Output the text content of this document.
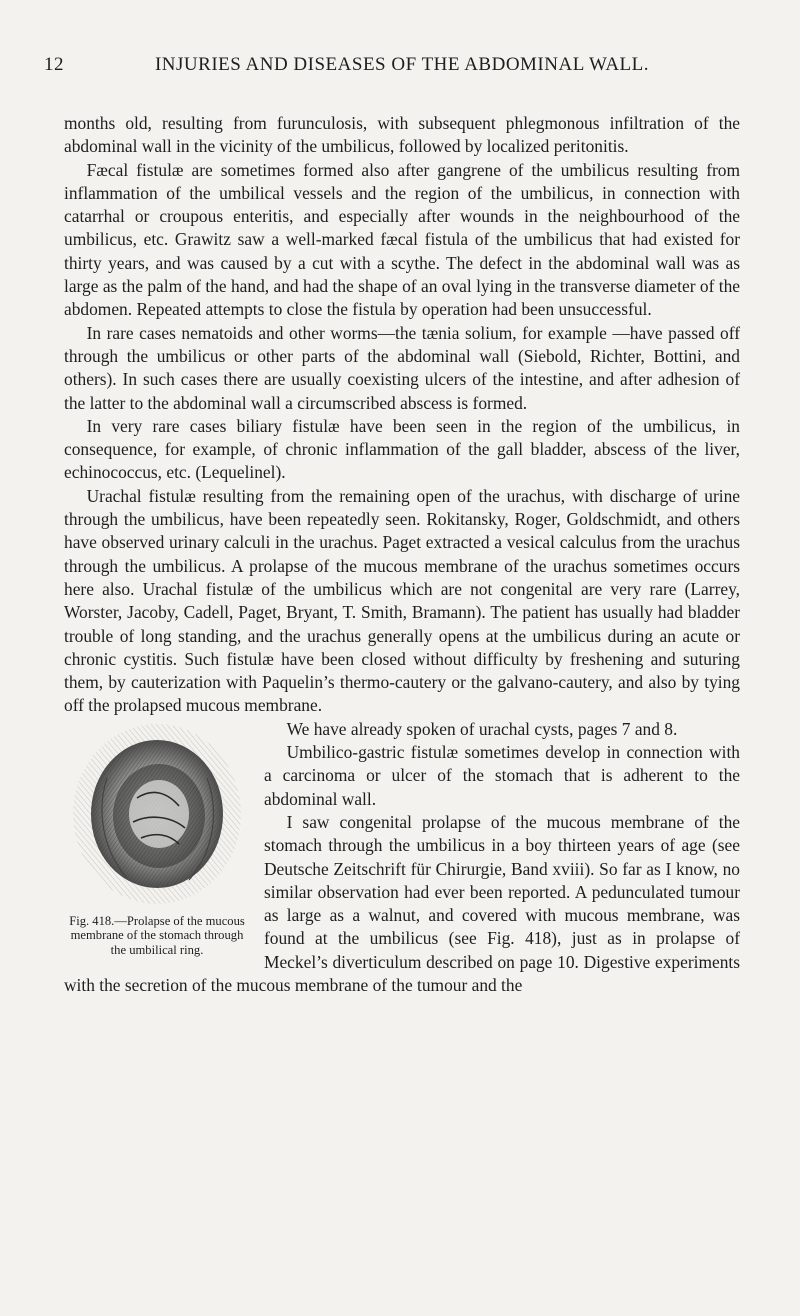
12	INJURIES AND DISEASES OF THE ABDOMINAL WALL.

months old, resulting from furunculosis, with subsequent phlegmonous infiltration of the abdominal wall in the vicinity of the umbilicus, followed by localized peritonitis.

Fæcal fistulæ are sometimes formed also after gangrene of the umbilicus resulting from inflammation of the umbilical vessels and the region of the umbilicus, in connection with catarrhal or croupous enteritis, and especially after wounds in the neighbourhood of the umbilicus, etc. Grawitz saw a well-marked fæcal fistula of the umbilicus that had existed for thirty years, and was caused by a cut with a scythe. The defect in the abdominal wall was as large as the palm of the hand, and had the shape of an oval lying in the transverse diameter of the abdomen. Repeated attempts to close the fistula by operation had been unsuccessful.

In rare cases nematoids and other worms—the tænia solium, for example —have passed off through the umbilicus or other parts of the abdominal wall (Siebold, Richter, Bottini, and others). In such cases there are usually coexisting ulcers of the intestine, and after adhesion of the latter to the abdominal wall a circumscribed abscess is formed.

In very rare cases biliary fistulæ have been seen in the region of the umbilicus, in consequence, for example, of chronic inflammation of the gall bladder, abscess of the liver, echinococcus, etc. (Lequelinel).

Urachal fistulæ resulting from the remaining open of the urachus, with discharge of urine through the umbilicus, have been repeatedly seen. Rokitansky, Roger, Goldschmidt, and others have observed urinary calculi in the urachus. Paget extracted a vesical calculus from the urachus through the umbilicus. A prolapse of the mucous membrane of the urachus sometimes occurs here also. Urachal fistulæ of the umbilicus which are not congenital are very rare (Larrey, Worster, Jacoby, Cadell, Paget, Bryant, T. Smith, Bramann). The patient has usually had bladder trouble of long standing, and the urachus generally opens at the umbilicus during an acute or chronic cystitis. Such fistulæ have been closed without difficulty by freshening and suturing them, by cauterization with Paquelin’s thermo-cautery or the galvano-cautery, and also by tying off the prolapsed mucous membrane.

Fig. 418.—Prolapse of the mucous membrane of the stomach through the umbilical ring.

We have already spoken of urachal cysts, pages 7 and 8.

Umbilico-gastric fistulæ sometimes develop in connection with a carcinoma or ulcer of the stomach that is adherent to the abdominal wall.

I saw congenital prolapse of the mucous membrane of the stomach through the umbilicus in a boy thirteen years of age (see Deutsche Zeitschrift für Chirurgie, Band xviii). So far as I know, no similar observation had ever been reported. A pedunculated tumour as large as a walnut, and covered with mucous membrane, was found at the umbilicus (see Fig. 418), just as in prolapse of Meckel’s diverticulum described on page 10. Digestive experiments with the secretion of the mucous membrane of the tumour and the
